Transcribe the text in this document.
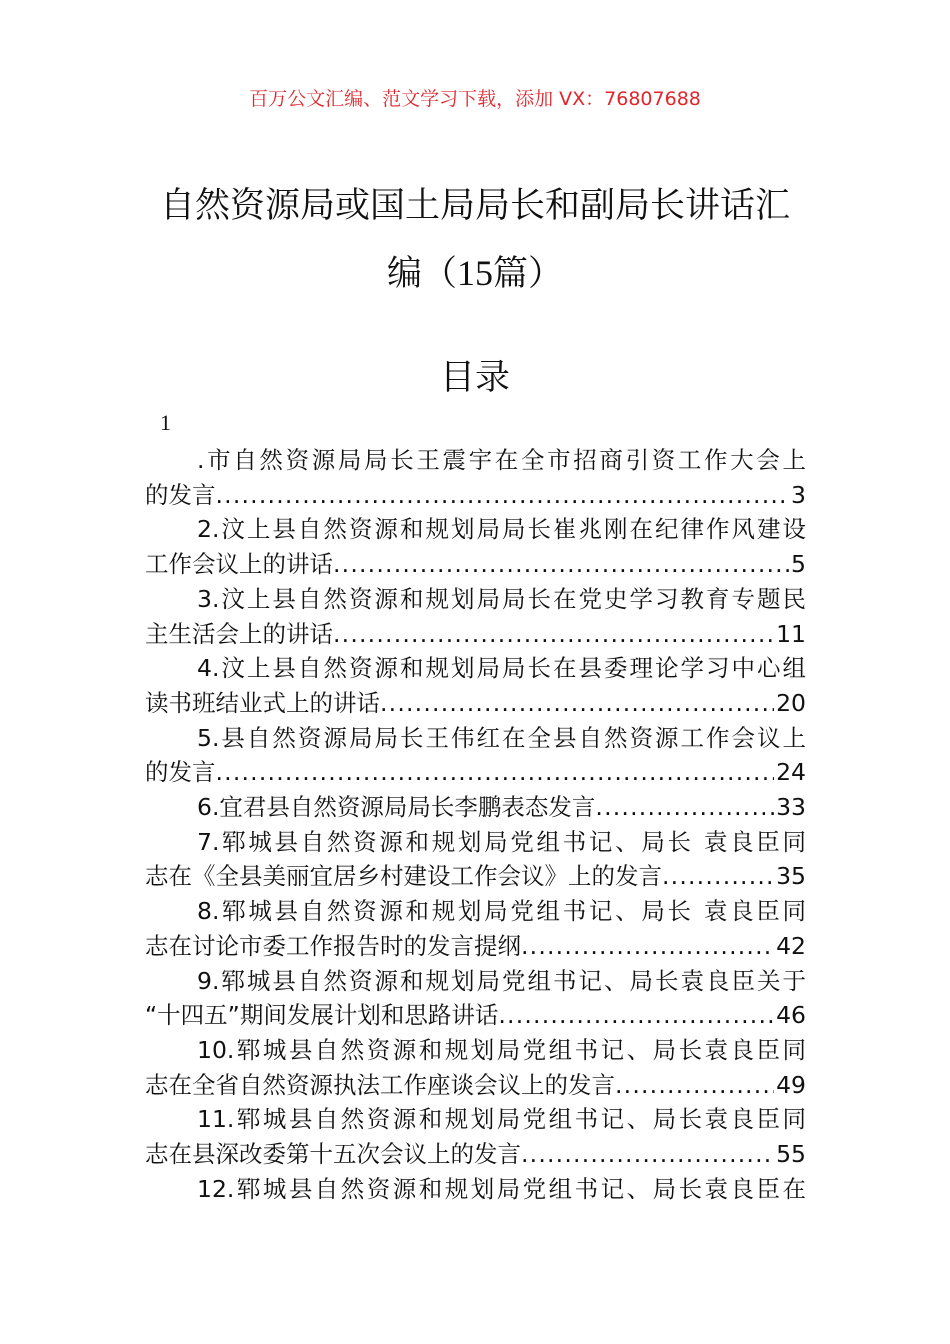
百万公文汇编、范文学习下载，添加 VX：76807688
自然资源局或国土局局长和副局长讲话汇
编（15篇）
目录
1
.市自然资源局局长王震宇在全市招商引资工作大会上
的发言 .....	3
2.汶上县自然资源和规划局局长崔兆刚在纪律作风建设
工作会议上的讲话 .....	5
3.汶上县自然资源和规划局局长在党史学习教育专题民
主生活会上的讲话 .....	11
4.汶上县自然资源和规划局局长在县委理论学习中心组
读书班结业式上的讲话 .....	20
5.县自然资源局局长王伟红在全县自然资源工作会议上
的发言 .....	24
6.宜君县自然资源局局长李鹏表态发言 .....	33
7.郓城县自然资源和规划局党组书记、局长 袁良臣同
志在《全县美丽宜居乡村建设工作会议》上的发言 .....	35
8.郓城县自然资源和规划局党组书记、局长 袁良臣同
志在讨论市委工作报告时的发言提纲 .....	42
9.郓城县自然资源和规划局党组书记、局长袁良臣关于
“十四五”期间发展计划和思路讲话 .....	46
10.郓城县自然资源和规划局党组书记、局长袁良臣同
志在全省自然资源执法工作座谈会议上的发言 .....	49
11.郓城县自然资源和规划局党组书记、局长袁良臣同
志在县深改委第十五次会议上的发言 .....	55
12.郓城县自然资源和规划局党组书记、局长袁良臣在
